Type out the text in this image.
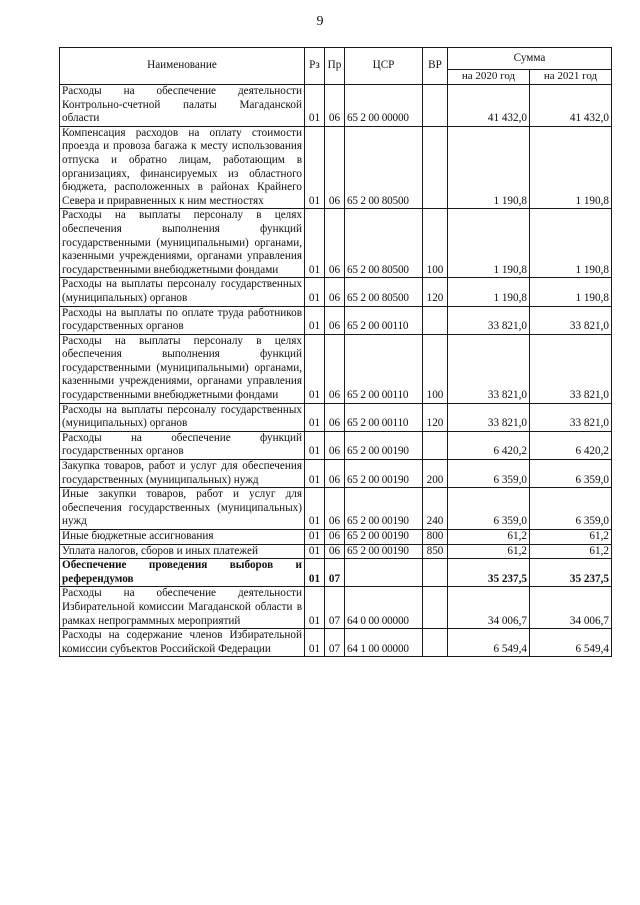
9
Наименование	Рз	Пр	ЦСР	ВР	Сумма	
					на 2020 год	на 2021 год
Расходы на обеспечение деятельности Контрольно-счетной палаты Магаданской области	01	06	65 2 00 00000		41 432,0	41 432,0
Компенсация расходов на оплату стоимости проезда и провоза багажа к месту использования отпуска и обратно лицам, работающим в организациях, финансируемых из областного бюджета, расположенных в районах Крайнего Севера и приравненных к ним местностях	01	06	65 2 00 80500		1 190,8	1 190,8
Расходы на выплаты персоналу в целях обеспечения выполнения функций государственными (муниципальными) органами, казенными учреждениями, органами управления государственными внебюджетными фондами	01	06	65 2 00 80500	100	1 190,8	1 190,8
Расходы на выплаты персоналу государственных (муниципальных) органов	01	06	65 2 00 80500	120	1 190,8	1 190,8
Расходы на выплаты по оплате труда работников государственных органов	01	06	65 2 00 00110		33 821,0	33 821,0
Расходы на выплаты персоналу в целях обеспечения выполнения функций государственными (муниципальными) органами, казенными учреждениями, органами управления государственными внебюджетными фондами	01	06	65 2 00 00110	100	33 821,0	33 821,0
Расходы на выплаты персоналу государственных (муниципальных) органов	01	06	65 2 00 00110	120	33 821,0	33 821,0
Расходы на обеспечение функций государственных органов	01	06	65 2 00 00190		6 420,2	6 420,2
Закупка товаров, работ и услуг для обеспечения государственных (муниципальных) нужд	01	06	65 2 00 00190	200	6 359,0	6 359,0
Иные закупки товаров, работ и услуг для обеспечения государственных (муниципальных) нужд	01	06	65 2 00 00190	240	6 359,0	6 359,0
Иные бюджетные ассигнования	01	06	65 2 00 00190	800	61,2	61,2
Уплата налогов, сборов и иных платежей	01	06	65 2 00 00190	850	61,2	61,2
Обеспечение проведения выборов и референдумов	01	07			35 237,5	35 237,5
Расходы на обеспечение деятельности Избирательной комиссии Магаданской области в рамках непрограммных мероприятий	01	07	64 0 00 00000		34 006,7	34 006,7
Расходы на содержание членов Избирательной комиссии субъектов Российской Федерации	01	07	64 1 00 00000		6 549,4	6 549,4
